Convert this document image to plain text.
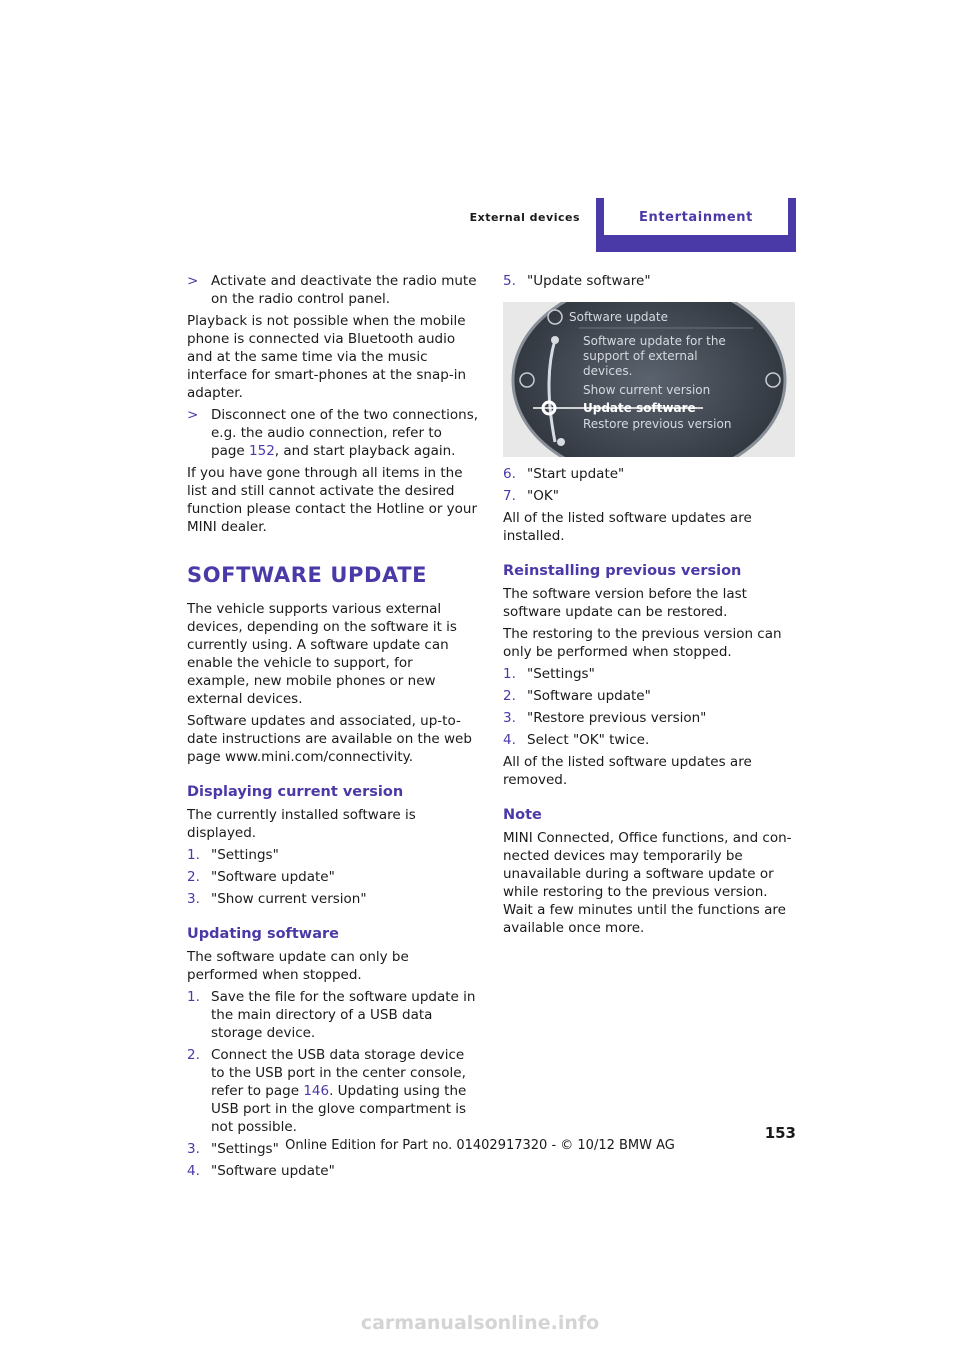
External devices	Entertainment
> Activate and deactivate the radio mute on the radio control panel.

Playback is not possible when the mobile phone is connected via Bluetooth audio and at the same time via the music interface for smart-phones at the snap-in adapter.

> Disconnect one of the two connections, e.g. the audio connection, refer to page 152, and start playback again.

If you have gone through all items in the list and still cannot activate the desired function please contact the Hotline or your MINI dealer.

SOFTWARE UPDATE

The vehicle supports various external devices, depending on the software it is currently using. A software update can enable the vehicle to support, for example, new mobile phones or new external devices.

Software updates and associated, up-to-date instructions are available on the web page www.mini.com/connectivity.

Displaying current version

The currently installed software is displayed.

1. "Settings"
2. "Software update"
3. "Show current version"
Updating software

The software update can only be performed when stopped.

1. Save the file for the software update in the main directory of a USB data storage device.
2. Connect the USB data storage device to the USB port in the center console, refer to page 146. Updating using the USB port in the glove compartment is not possible.
3. "Settings"
4. "Software update"
5. "Update software"
Software update
Software update for the support of external devices.
Show current version
Update software
Restore previous version
6. "Start update"
7. "OK"

All of the listed software updates are installed.

Reinstalling previous version

The software version before the last software update can be restored.

The restoring to the previous version can only be performed when stopped.

1. "Settings"
2. "Software update"
3. "Restore previous version"
4. Select "OK" twice.

All of the listed software updates are removed.

Note

MINI Connected, Office functions, and con-nected devices may temporarily be unavailable during a software update or while restoring to the previous version. Wait a few minutes until the functions are available once more.

153
Online Edition for Part no. 01402917320 - © 10/12 BMW AG
carmanualsonline.info
